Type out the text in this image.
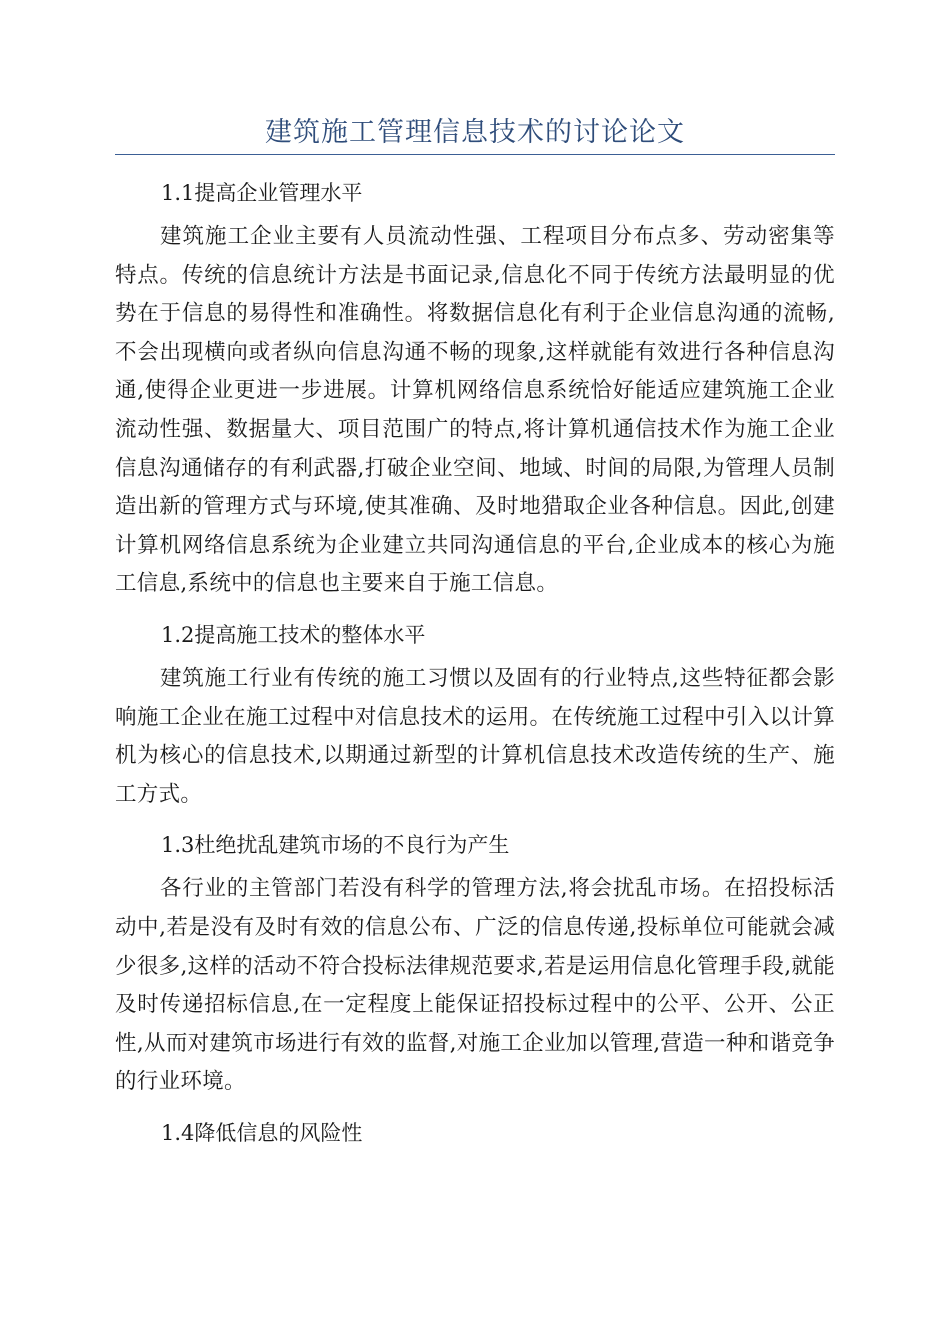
建筑施工管理信息技术的讨论论文

1.1提高企业管理水平

建筑施工企业主要有人员流动性强、工程项目分布点多、劳动密集等特点。传统的信息统计方法是书面记录,信息化不同于传统方法最明显的优势在于信息的易得性和准确性。将数据信息化有利于企业信息沟通的流畅,不会出现横向或者纵向信息沟通不畅的现象,这样就能有效进行各种信息沟通,使得企业更进一步进展。计算机网络信息系统恰好能适应建筑施工企业流动性强、数据量大、项目范围广的特点,将计算机通信技术作为施工企业信息沟通储存的有利武器,打破企业空间、地域、时间的局限,为管理人员制造出新的管理方式与环境,使其准确、及时地猎取企业各种信息。因此,创建计算机网络信息系统为企业建立共同沟通信息的平台,企业成本的核心为施工信息,系统中的信息也主要来自于施工信息。

1.2提高施工技术的整体水平

建筑施工行业有传统的施工习惯以及固有的行业特点,这些特征都会影响施工企业在施工过程中对信息技术的运用。在传统施工过程中引入以计算机为核心的信息技术,以期通过新型的计算机信息技术改造传统的生产、施工方式。

1.3杜绝扰乱建筑市场的不良行为产生

各行业的主管部门若没有科学的管理方法,将会扰乱市场。在招投标活动中,若是没有及时有效的信息公布、广泛的信息传递,投标单位可能就会减少很多,这样的活动不符合投标法律规范要求,若是运用信息化管理手段,就能及时传递招标信息,在一定程度上能保证招投标过程中的公平、公开、公正性,从而对建筑市场进行有效的监督,对施工企业加以管理,营造一种和谐竞争的行业环境。

1.4降低信息的风险性
